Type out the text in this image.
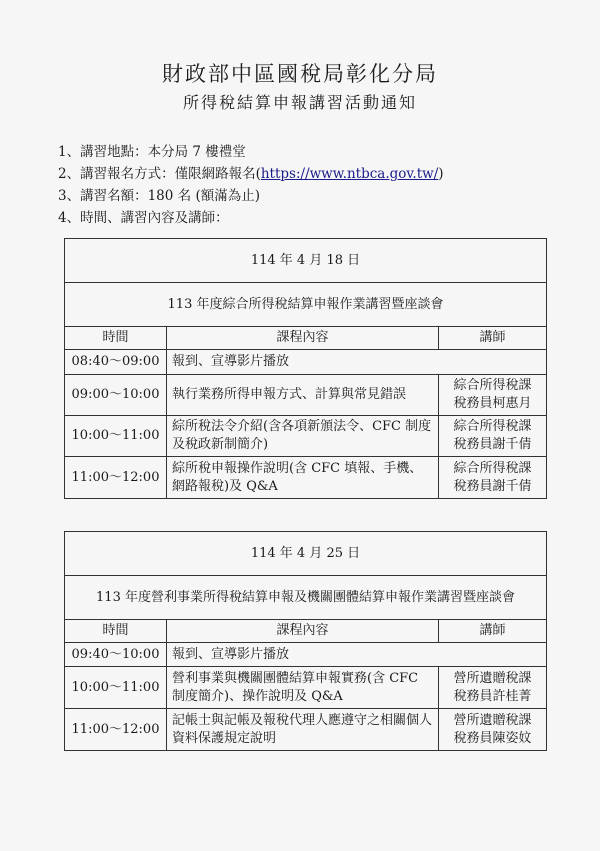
財政部中區國稅局彰化分局
所得稅結算申報講習活動通知
1、講習地點：本分局 7 樓禮堂
2、講習報名方式：僅限網路報名(https://www.ntbca.gov.tw/)
3、講習名額：180 名 (額滿為止)
4、時間、講習內容及講師：
114 年 4 月 18 日		
113 年度綜合所得稅結算申報作業講習暨座談會		
時間	課程內容	講師
08:40～09:00	報到、宣導影片播放	
09:00～10:00	執行業務所得申報方式、計算與常見錯誤	綜合所得稅課
稅務員柯惠月

10:00～11:00	綜所稅法令介紹(含各項新頒法令、CFC 制度及稅政新制簡介)	綜合所得稅課
稅務員謝千倩

11:00～12:00	綜所稅申報操作說明(含 CFC 填報、手機、網路報稅)及 Q&A	綜合所得稅課
稅務員謝千倩
114 年 4 月 25 日		
113 年度營利事業所得稅結算申報及機關團體結算申報作業講習暨座談會		
時間	課程內容	講師
09:40～10:00	報到、宣導影片播放	
10:00～11:00	營利事業與機關團體結算申報實務(含 CFC 制度簡介)、操作說明及 Q&A	營所遺贈稅課
稅務員許桂菁

11:00～12:00	記帳士與記帳及報稅代理人應遵守之相關個人資料保護規定說明	營所遺贈稅課
稅務員陳姿妏
